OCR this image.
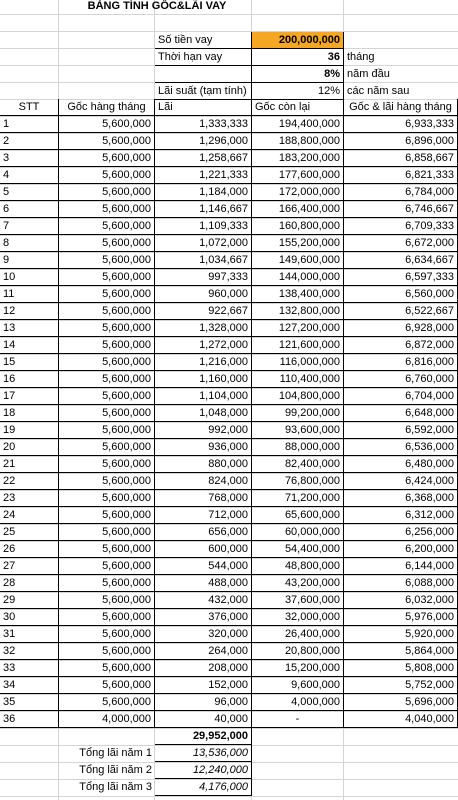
BẢNG TÍNH GỐC&LÃI VAY
Số tiền vay	200,000,000
Thời hạn vay	36 tháng
8% năm đầu
Lãi suất (tạm tính)	12% các năm sau
STT	Gốc hàng tháng	Lãi	Gốc còn lại	Gốc & lãi hàng tháng
1	5,600,000	1,333,333	194,400,000	6,933,333
2	5,600,000	1,296,000	188,800,000	6,896,000
3	5,600,000	1,258,667	183,200,000	6,858,667
4	5,600,000	1,221,333	177,600,000	6,821,333
5	5,600,000	1,184,000	172,000,000	6,784,000
6	5,600,000	1,146,667	166,400,000	6,746,667
7	5,600,000	1,109,333	160,800,000	6,709,333
8	5,600,000	1,072,000	155,200,000	6,672,000
9	5,600,000	1,034,667	149,600,000	6,634,667
10	5,600,000	997,333	144,000,000	6,597,333
11	5,600,000	960,000	138,400,000	6,560,000
12	5,600,000	922,667	132,800,000	6,522,667
13	5,600,000	1,328,000	127,200,000	6,928,000
14	5,600,000	1,272,000	121,600,000	6,872,000
15	5,600,000	1,216,000	116,000,000	6,816,000
16	5,600,000	1,160,000	110,400,000	6,760,000
17	5,600,000	1,104,000	104,800,000	6,704,000
18	5,600,000	1,048,000	99,200,000	6,648,000
19	5,600,000	992,000	93,600,000	6,592,000
20	5,600,000	936,000	88,000,000	6,536,000
21	5,600,000	880,000	82,400,000	6,480,000
22	5,600,000	824,000	76,800,000	6,424,000
23	5,600,000	768,000	71,200,000	6,368,000
24	5,600,000	712,000	65,600,000	6,312,000
25	5,600,000	656,000	60,000,000	6,256,000
26	5,600,000	600,000	54,400,000	6,200,000
27	5,600,000	544,000	48,800,000	6,144,000
28	5,600,000	488,000	43,200,000	6,088,000
29	5,600,000	432,000	37,600,000	6,032,000
30	5,600,000	376,000	32,000,000	5,976,000
31	5,600,000	320,000	26,400,000	5,920,000
32	5,600,000	264,000	20,800,000	5,864,000
33	5,600,000	208,000	15,200,000	5,808,000
34	5,600,000	152,000	9,600,000	5,752,000
35	5,600,000	96,000	4,000,000	5,696,000
36	4,000,000	40,000	-	4,040,000
29,952,000
Tổng lãi năm 1	13,536,000
Tổng lãi năm 2	12,240,000
Tổng lãi năm 3	4,176,000
